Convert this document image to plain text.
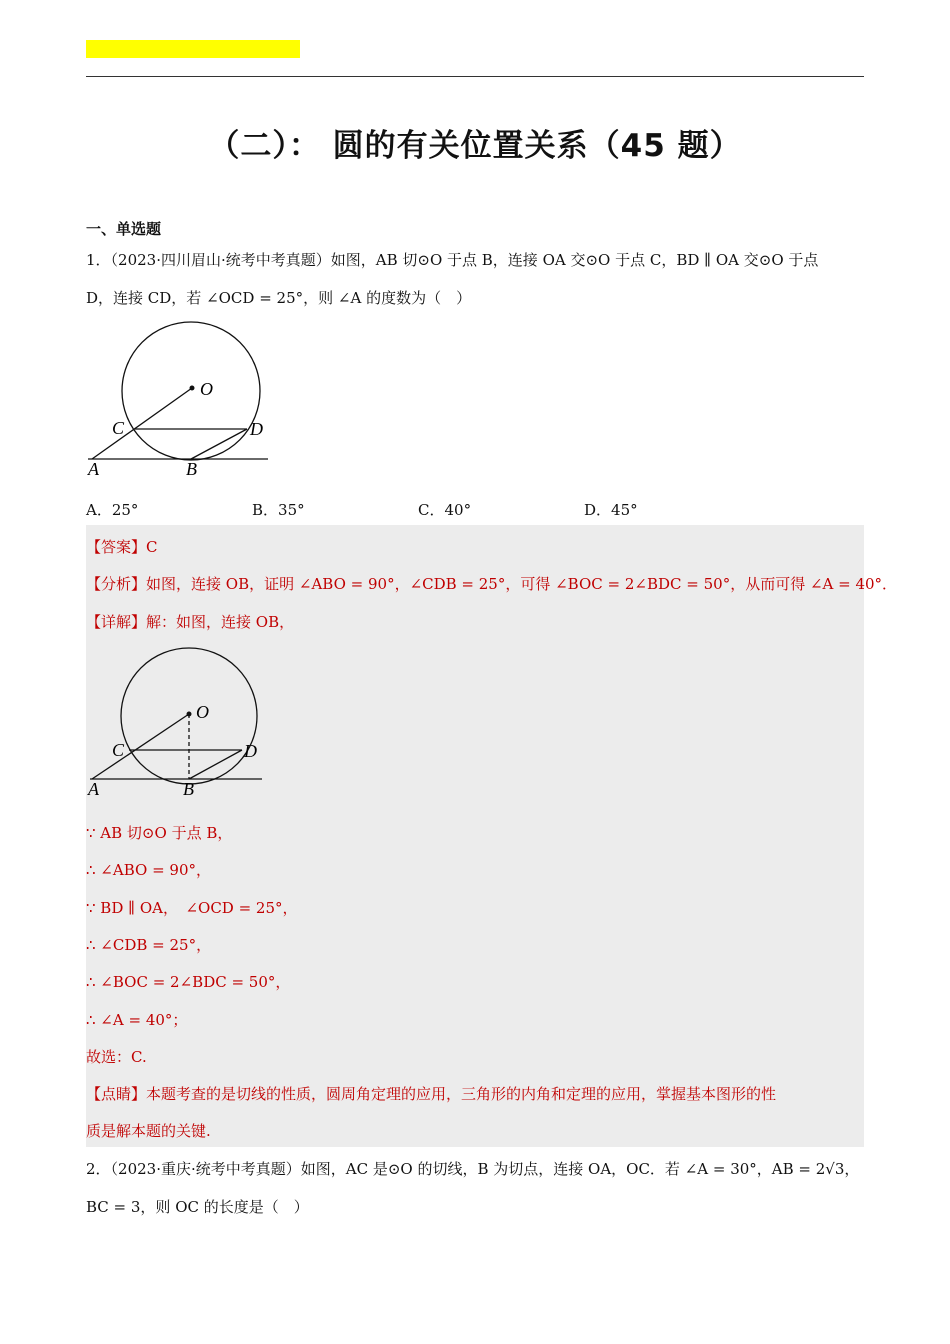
（二）： 圆的有关位置关系（45 题）
一、单选题
1．（2023·四川眉山·统考中考真题）如图，AB 切⊙O 于点 B，连接 OA 交⊙O 于点 C，BD ∥ OA 交⊙O 于点
D，连接 CD，若 ∠OCD = 25°，则 ∠A 的度数为（　）
O
C	D
A	B
A．25°	B．35°	C．40°	D．45°
【答案】C
【分析】如图，连接 OB，证明 ∠ABO = 90°，∠CDB = 25°，可得 ∠BOC = 2∠BDC = 50°，从而可得 ∠A = 40°．
【详解】解：如图，连接 OB，
O
C	D
A	B
∵ AB 切⊙O 于点 B，
∴ ∠ABO = 90°，
∵ BD ∥ OA，　∠OCD = 25°，
∴ ∠CDB = 25°，
∴ ∠BOC = 2∠BDC = 50°，
∴ ∠A = 40°；
故选：C.
【点睛】本题考查的是切线的性质，圆周角定理的应用，三角形的内角和定理的应用，掌握基本图形的性
质是解本题的关键.
2．（2023·重庆·统考中考真题）如图，AC 是⊙O 的切线，B 为切点，连接 OA，OC．若 ∠A = 30°，AB = 2√3，
BC = 3，则 OC 的长度是（　）
